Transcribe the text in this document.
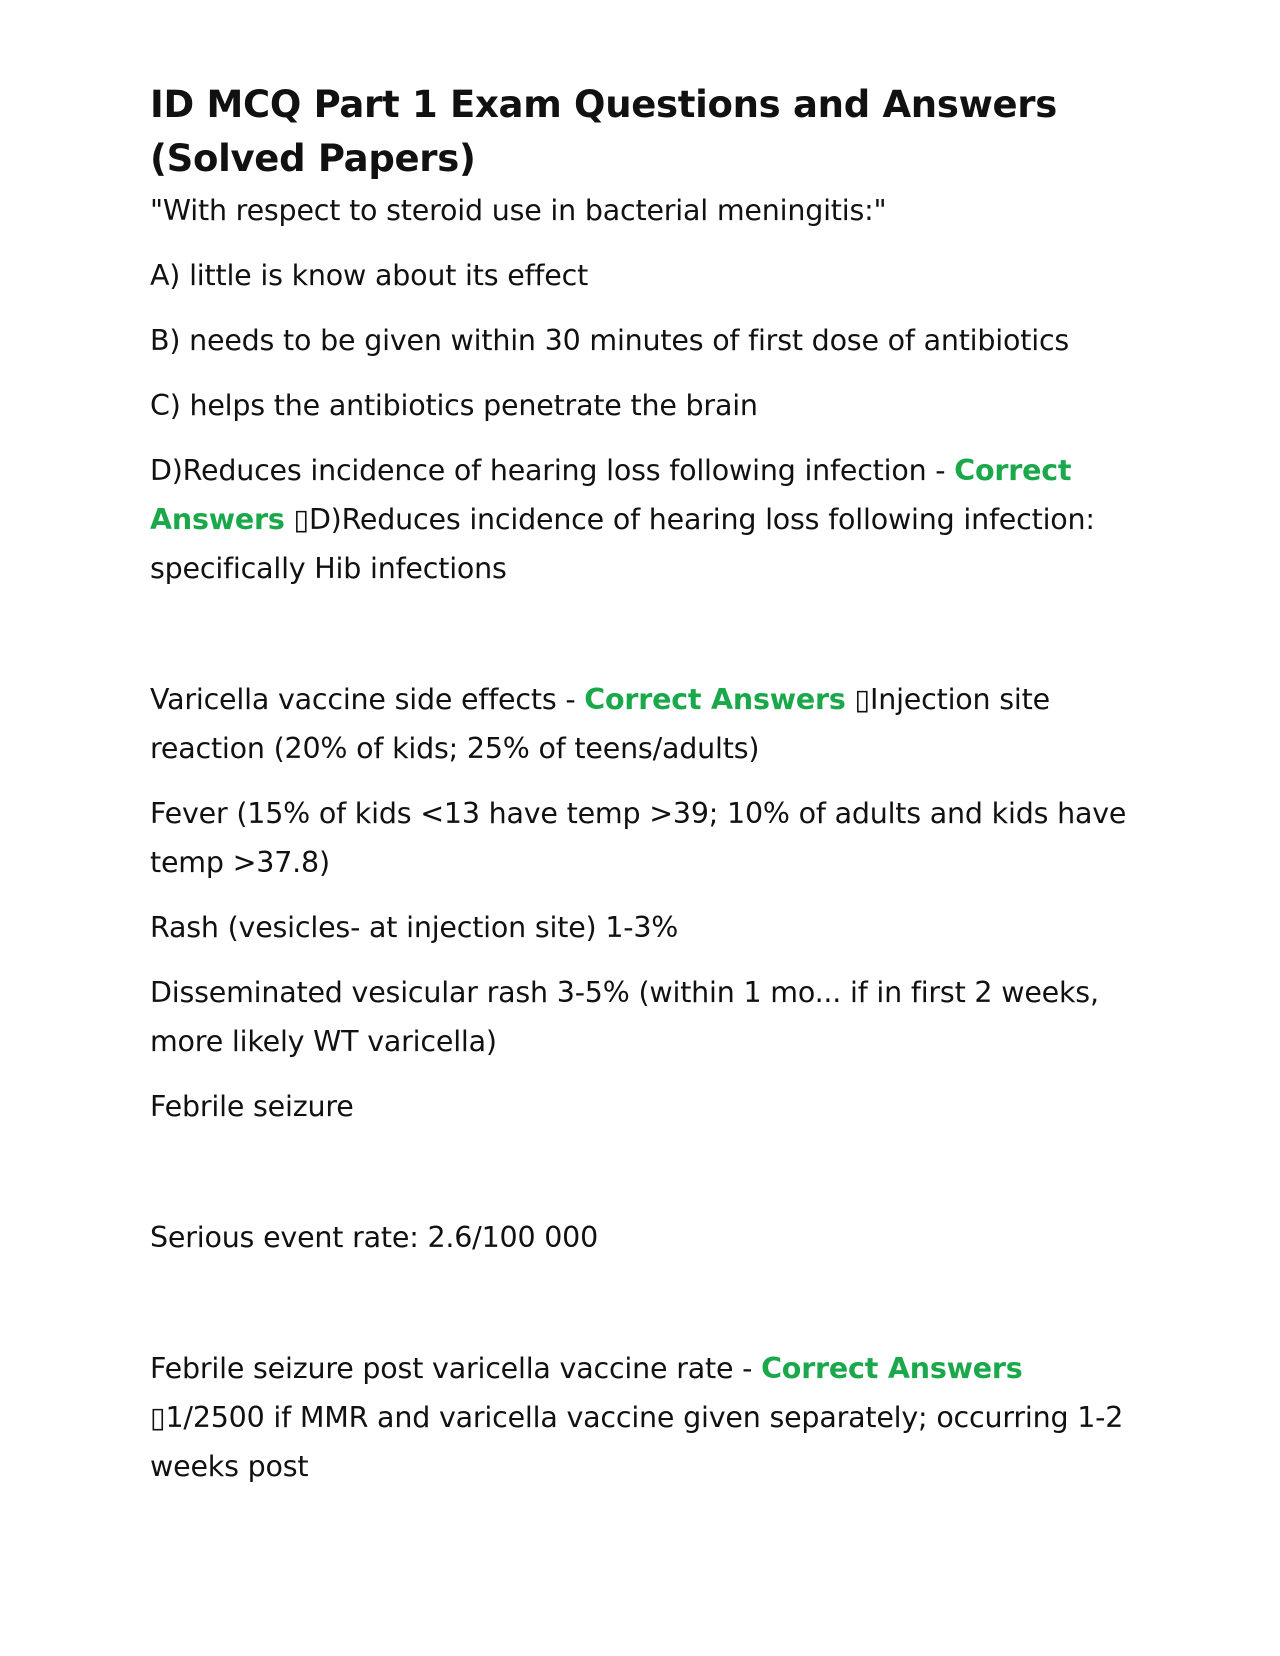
ID MCQ Part 1 Exam Questions and Answers (Solved Papers)

"With respect to steroid use in bacterial meningitis:"

A) little is know about its effect

B) needs to be given within 30 minutes of first dose of antibiotics

C) helps the antibiotics penetrate the brain

D)Reduces incidence of hearing loss following infection - Correct Answers ▯D)Reduces incidence of hearing loss following infection: specifically Hib infections

Varicella vaccine side effects - Correct Answers ▯Injection site reaction (20% of kids; 25% of teens/adults)

Fever (15% of kids <13 have temp >39; 10% of adults and kids have temp >37.8)

Rash (vesicles- at injection site) 1-3%

Disseminated vesicular rash 3-5% (within 1 mo... if in first 2 weeks, more likely WT varicella)

Febrile seizure

Serious event rate: 2.6/100 000

Febrile seizure post varicella vaccine rate - Correct Answers ▯1/2500 if MMR and varicella vaccine given separately; occurring 1-2 weeks post
